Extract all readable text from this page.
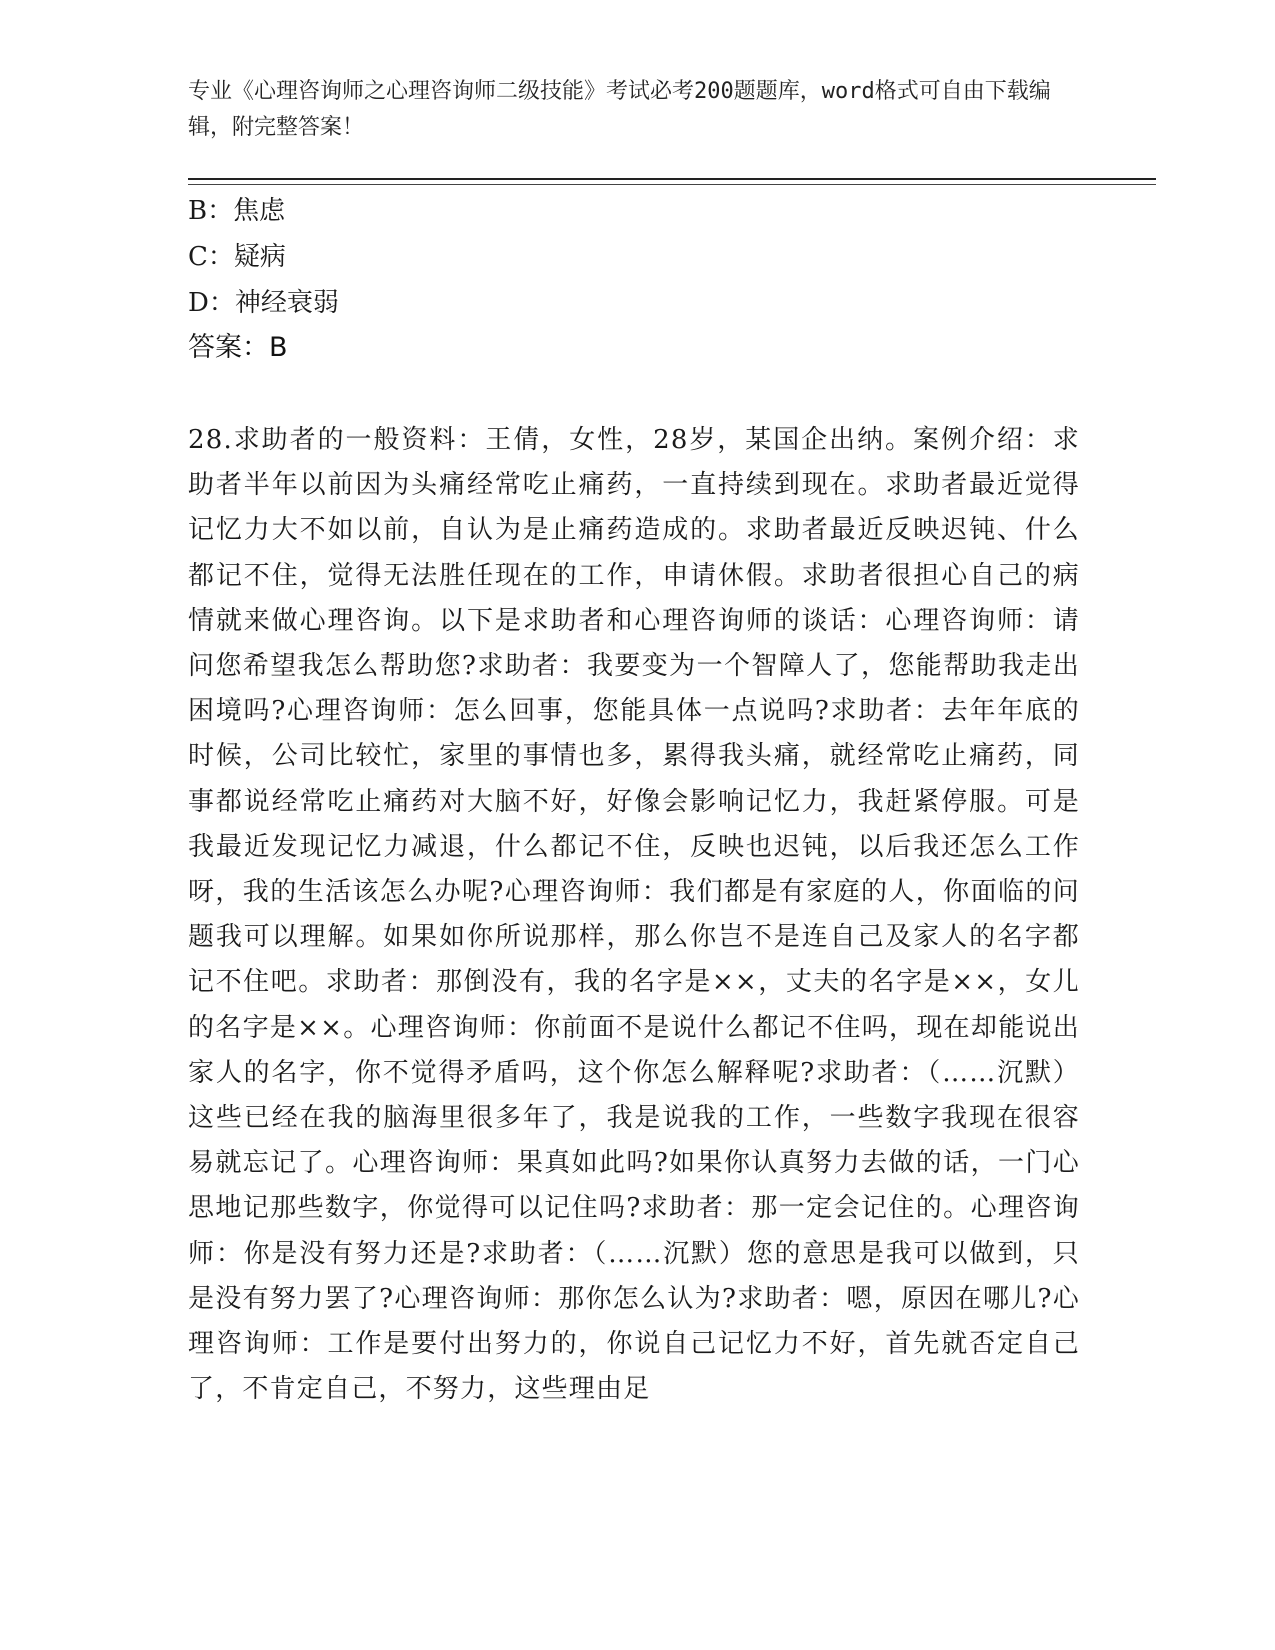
专业《心理咨询师之心理咨询师二级技能》考试必考200题题库，word格式可自由下载编辑，附完整答案！
B：焦虑
C：疑病
D：神经衰弱
答案：B
28.求助者的一般资料：王倩，女性，28岁，某国企出纳。案例介绍：求助者半年以前因为头痛经常吃止痛药，一直持续到现在。求助者最近觉得记忆力大不如以前，自认为是止痛药造成的。求助者最近反映迟钝、什么都记不住，觉得无法胜任现在的工作，申请休假。求助者很担心自己的病情就来做心理咨询。以下是求助者和心理咨询师的谈话：心理咨询师：请问您希望我怎么帮助您?求助者：我要变为一个智障人了，您能帮助我走出困境吗?心理咨询师：怎么回事，您能具体一点说吗?求助者：去年年底的时候，公司比较忙，家里的事情也多，累得我头痛，就经常吃止痛药，同事都说经常吃止痛药对大脑不好，好像会影响记忆力，我赶紧停服。可是我最近发现记忆力减退，什么都记不住，反映也迟钝，以后我还怎么工作呀，我的生活该怎么办呢?心理咨询师：我们都是有家庭的人，你面临的问题我可以理解。如果如你所说那样，那么你岂不是连自己及家人的名字都记不住吧。求助者：那倒没有，我的名字是××，丈夫的名字是××，女儿的名字是××。心理咨询师：你前面不是说什么都记不住吗，现在却能说出家人的名字，你不觉得矛盾吗，这个你怎么解释呢?求助者：（……沉默）这些已经在我的脑海里很多年了，我是说我的工作，一些数字我现在很容易就忘记了。心理咨询师：果真如此吗?如果你认真努力去做的话，一门心思地记那些数字，你觉得可以记住吗?求助者：那一定会记住的。心理咨询师：你是没有努力还是?求助者：（……沉默）您的意思是我可以做到，只是没有努力罢了?心理咨询师：那你怎么认为?求助者：嗯，原因在哪儿?心理咨询师：工作是要付出努力的，你说自己记忆力不好，首先就否定自己了，不肯定自己，不努力，这些理由足
